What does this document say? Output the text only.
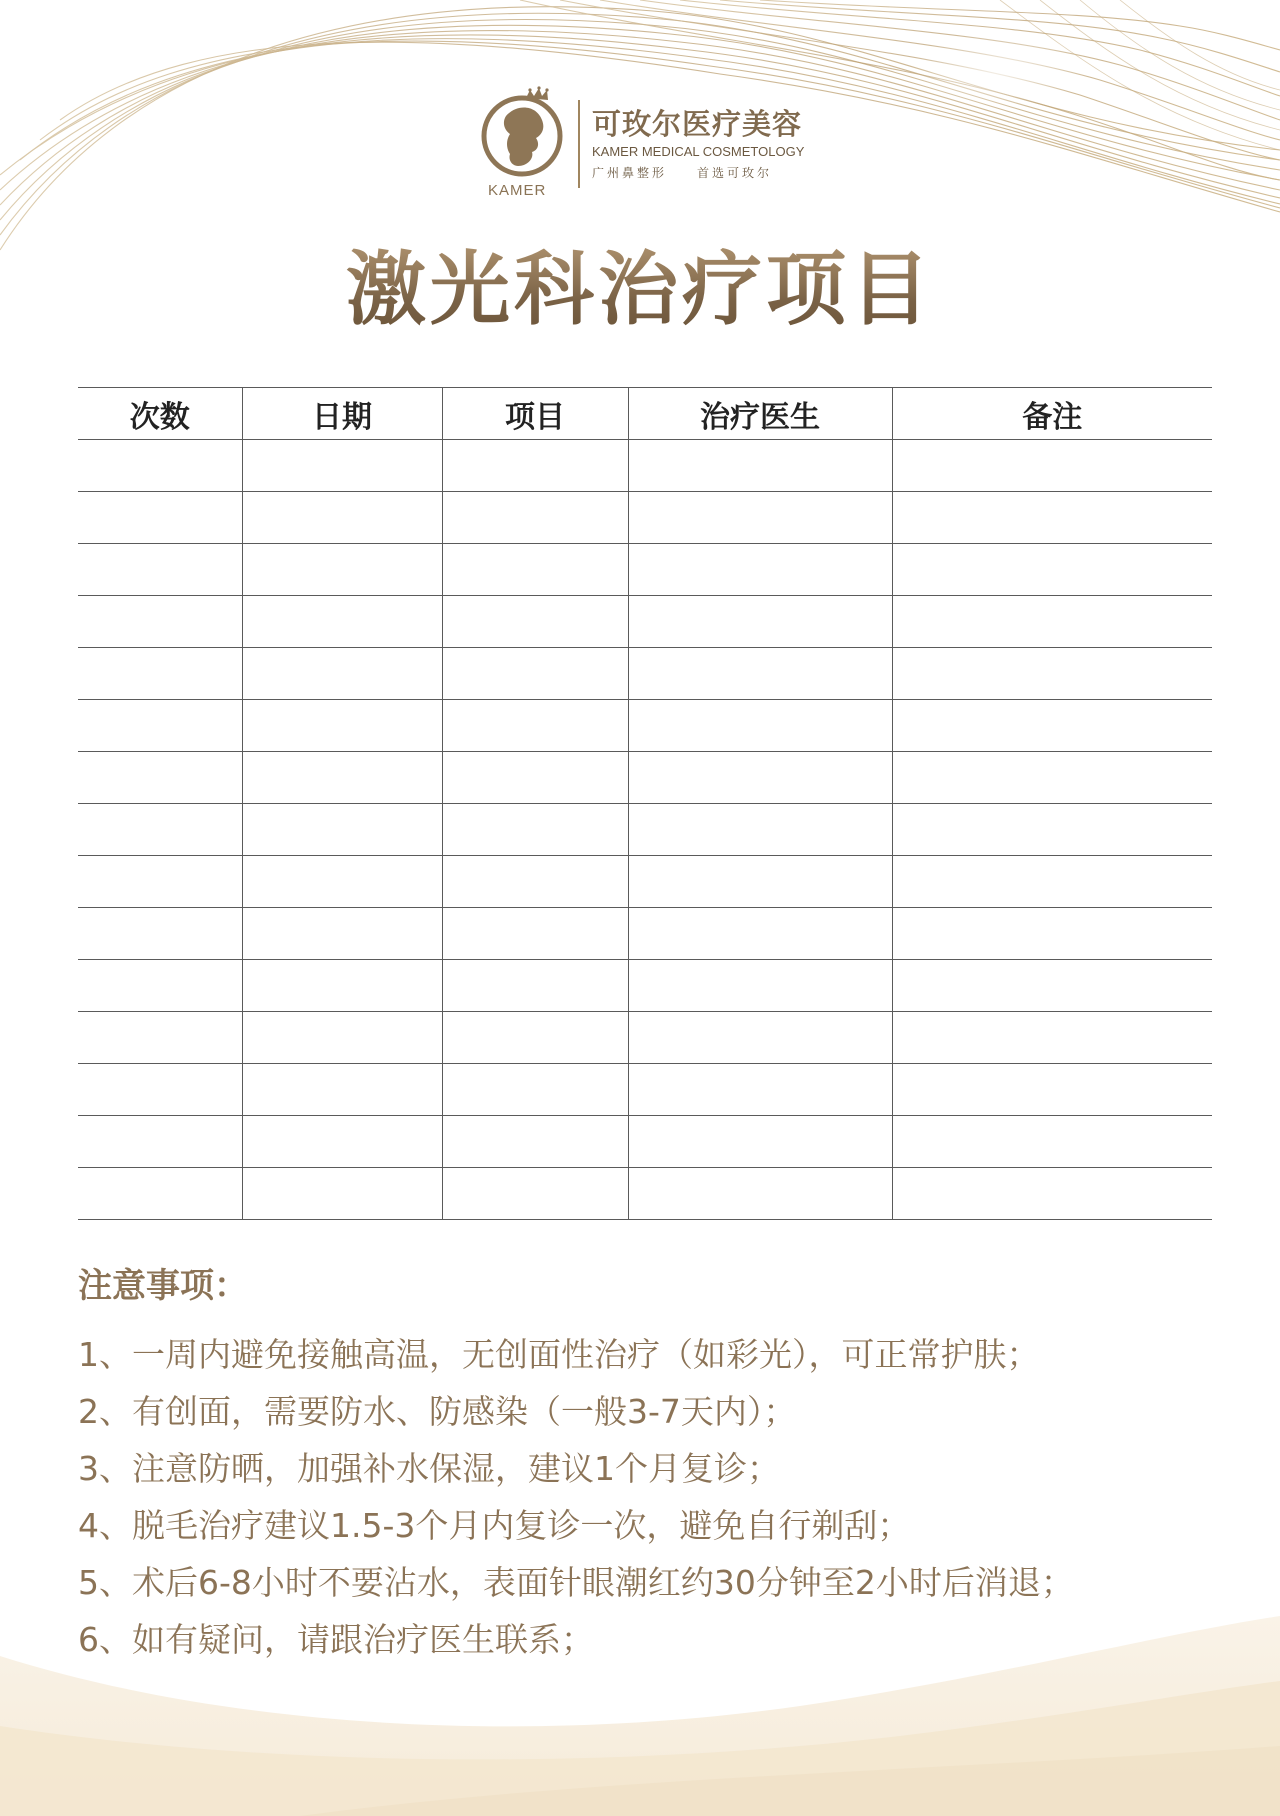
KAMER
可玫尔医疗美容
KAMER MEDICAL COSMETOLOGY
广州鼻整形	首选可玫尔
激光科治疗项目
次数	日期	项目	治疗医生	备注

注意事项：
1、一周内避免接触高温，无创面性治疗（如彩光），可正常护肤；
2、有创面，需要防水、防感染（一般3-7天内）；
3、注意防晒，加强补水保湿，建议1个月复诊；
4、脱毛治疗建议1.5-3个月内复诊一次，避免自行剃刮；
5、术后6-8小时不要沾水，表面针眼潮红约30分钟至2小时后消退；
6、如有疑问，请跟治疗医生联系；
